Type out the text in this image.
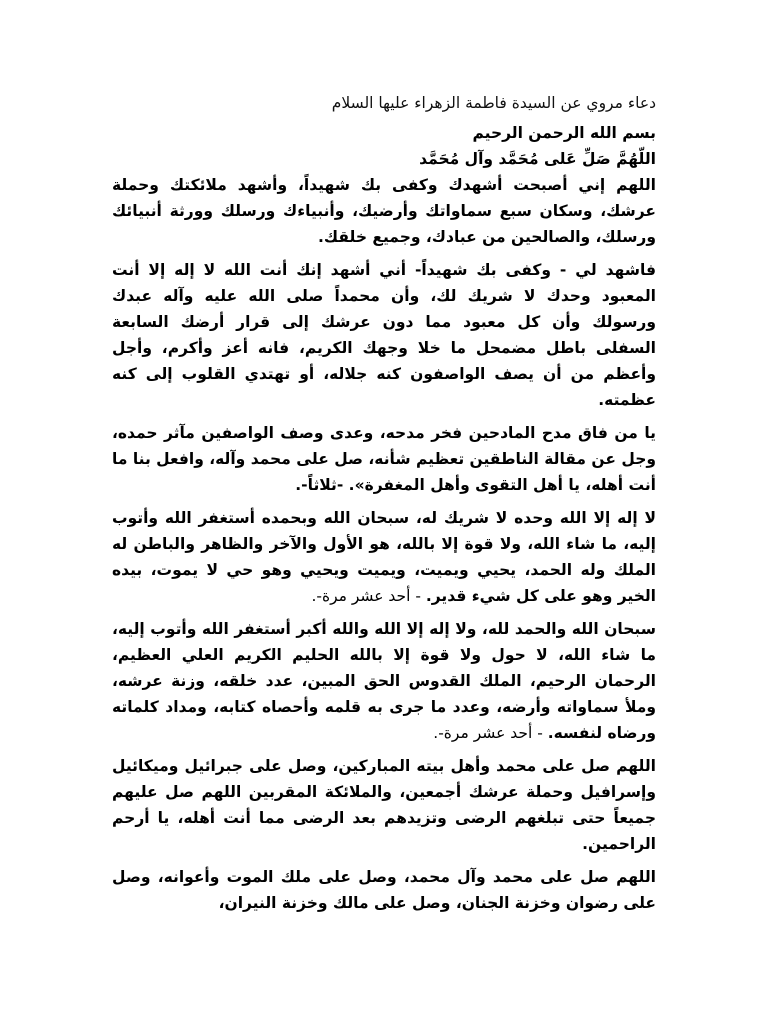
دعاء مروي عن السيدة فاطمة الزهراء عليها السلام
بسم الله الرحمن الرحيم
اللّهُمَّ صَلِّ عَلى مُحَمَّد وآل مُحَمَّد
اللهم إني أصبحت أشهدك وكفى بك شهيداً، وأشهد ملائكتك وحملة عرشك، وسكان سبع سماواتك وأرضيك، وأنبياءك ورسلك وورثة أنبيائك ورسلك، والصالحين من عبادك، وجميع خلقك.
فاشهد لي - وكفى بك شهيداً- أني أشهد إنك أنت الله لا إله إلا أنت المعبود وحدك لا شريك لك، وأن محمداً صلى الله عليه وآله عبدك ورسولك وأن كل معبود مما دون عرشك إلى قرار أرضك السابعة السفلى باطل مضمحل ما خلا وجهك الكريم، فانه أعز وأكرم، وأجل وأعظم من أن يصف الواصفون كنه جلاله، أو تهتدي القلوب إلى كنه عظمته.
يا من فاق مدح المادحين فخر مدحه، وعدى وصف الواصفين مآثر حمده، وجل عن مقالة الناطقين تعظيم شأنه، صل على محمد وآله، وافعل بنا ما أنت أهله، يا أهل التقوى وأهل المغفرة». -ثلاثاً-.
لا إله إلا الله وحده لا شريك له، سبحان الله وبحمده أستغفر الله وأتوب إليه، ما شاء الله، ولا قوة إلا بالله، هو الأول والآخر والظاهر والباطن له الملك وله الحمد، يحيي ويميت، ويميت ويحيي وهو حي لا يموت، بيده الخير وهو على كل شيء قدير. - أحد عشر مرة-.
سبحان الله والحمد لله، ولا إله إلا الله والله أكبر أستغفر الله وأتوب إليه، ما شاء الله، لا حول ولا قوة إلا بالله الحليم الكريم العلي العظيم، الرحمان الرحيم، الملك القدوس الحق المبين، عدد خلقه، وزنة عرشه، وملأ سماواته وأرضه، وعدد ما جرى به قلمه وأحصاه كتابه، ومداد كلماته ورضاه لنفسه. - أحد عشر مرة-.
اللهم صل على محمد وأهل بيته المباركين، وصل على جبرائيل وميكائيل وإسرافيل وحملة عرشك أجمعين، والملائكة المقربين اللهم صل عليهم جميعاً حتى تبلغهم الرضى وتزيدهم بعد الرضى مما أنت أهله، يا أرحم الراحمين.
اللهم صل على محمد وآل محمد، وصل على ملك الموت وأعوانه، وصل على رضوان وخزنة الجنان، وصل على مالك وخزنة النيران،
